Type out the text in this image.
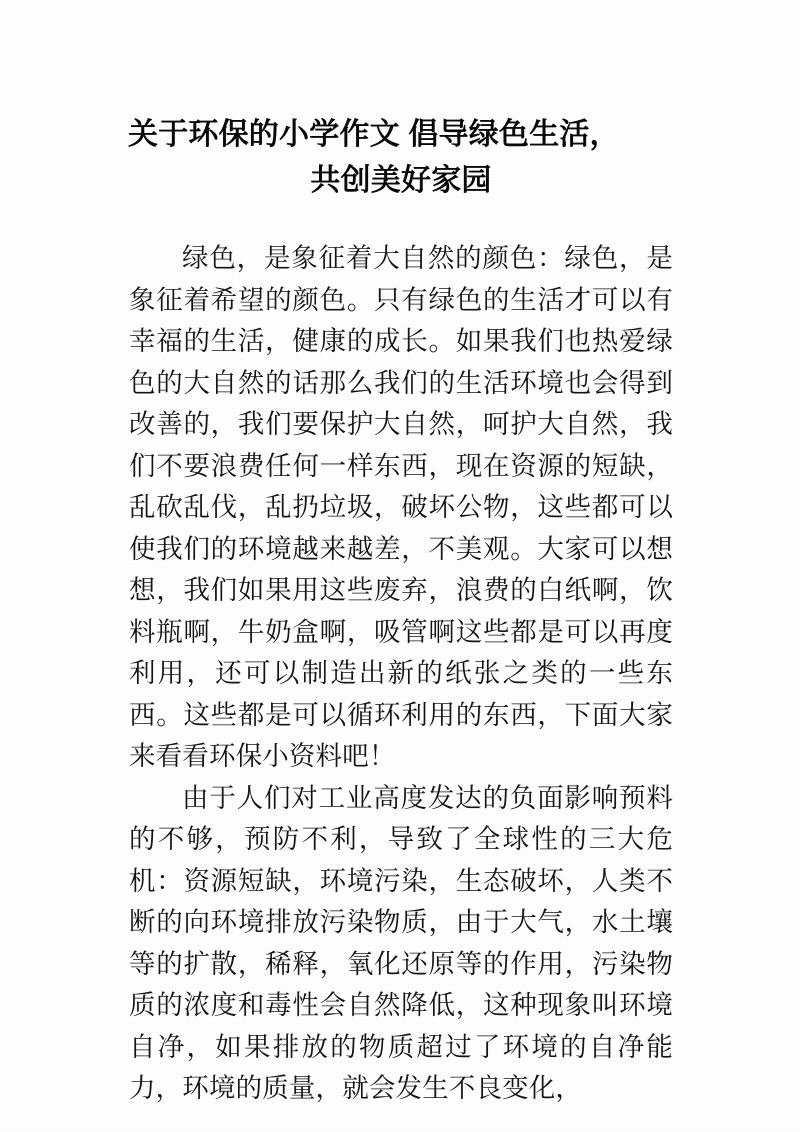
关于环保的小学作文 倡导绿色生活，
共创美好家园

绿色，是象征着大自然的颜色：绿色，是象征着希望的颜色。只有绿色的生活才可以有幸福的生活，健康的成长。如果我们也热爱绿色的大自然的话那么我们的生活环境也会得到改善的，我们要保护大自然，呵护大自然，我们不要浪费任何一样东西，现在资源的短缺，乱砍乱伐，乱扔垃圾，破坏公物，这些都可以使我们的环境越来越差，不美观。大家可以想想，我们如果用这些废弃，浪费的白纸啊，饮料瓶啊，牛奶盒啊，吸管啊这些都是可以再度利用，还可以制造出新的纸张之类的一些东西。这些都是可以循环利用的东西，下面大家来看看环保小资料吧！

由于人们对工业高度发达的负面影响预料的不够，预防不利，导致了全球性的三大危机：资源短缺，环境污染，生态破坏，人类不断的向环境排放污染物质，由于大气，水土壤等的扩散，稀释，氧化还原等的作用，污染物质的浓度和毒性会自然降低，这种现象叫环境自净，如果排放的物质超过了环境的自净能力，环境的质量，就会发生不良变化，
